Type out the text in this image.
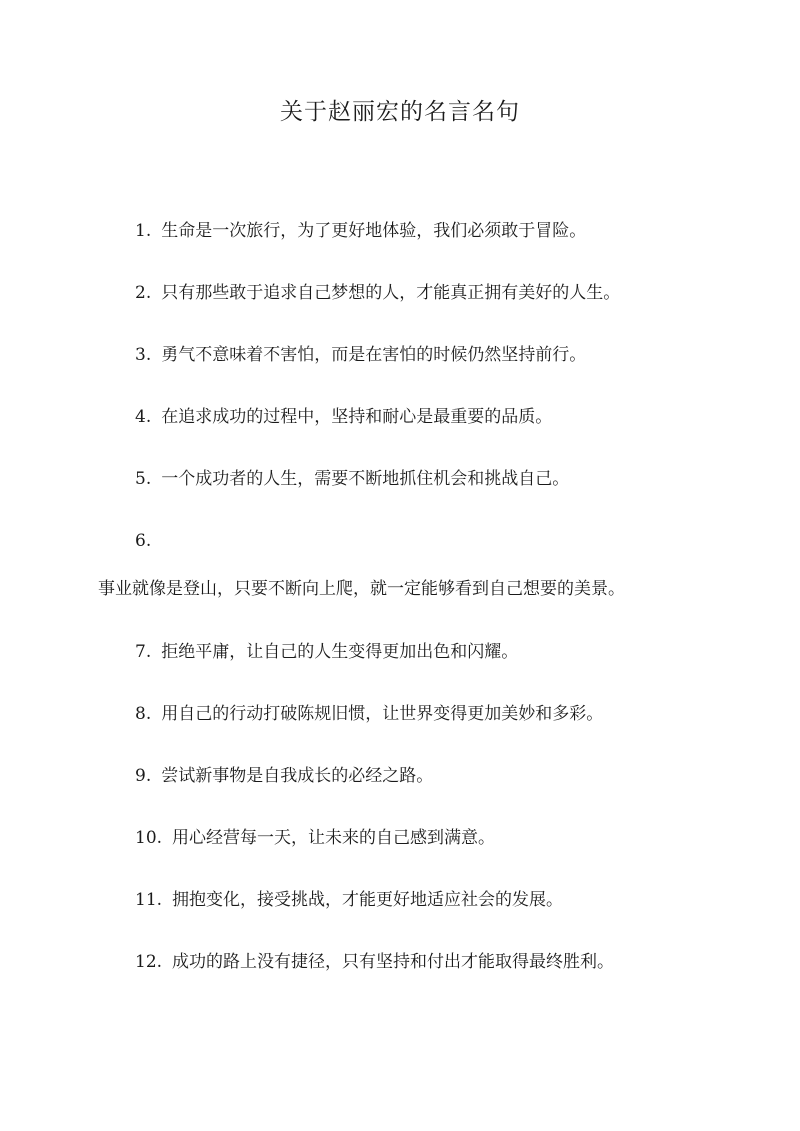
关于赵丽宏的名言名句

1. 生命是一次旅行，为了更好地体验，我们必须敢于冒险。

2. 只有那些敢于追求自己梦想的人，才能真正拥有美好的人生。

3. 勇气不意味着不害怕，而是在害怕的时候仍然坚持前行。

4. 在追求成功的过程中，坚持和耐心是最重要的品质。

5. 一个成功者的人生，需要不断地抓住机会和挑战自己。

6.

事业就像是登山，只要不断向上爬，就一定能够看到自己想要的美景。

7. 拒绝平庸，让自己的人生变得更加出色和闪耀。

8. 用自己的行动打破陈规旧惯，让世界变得更加美妙和多彩。

9. 尝试新事物是自我成长的必经之路。

10. 用心经营每一天，让未来的自己感到满意。

11. 拥抱变化，接受挑战，才能更好地适应社会的发展。

12. 成功的路上没有捷径，只有坚持和付出才能取得最终胜利。
